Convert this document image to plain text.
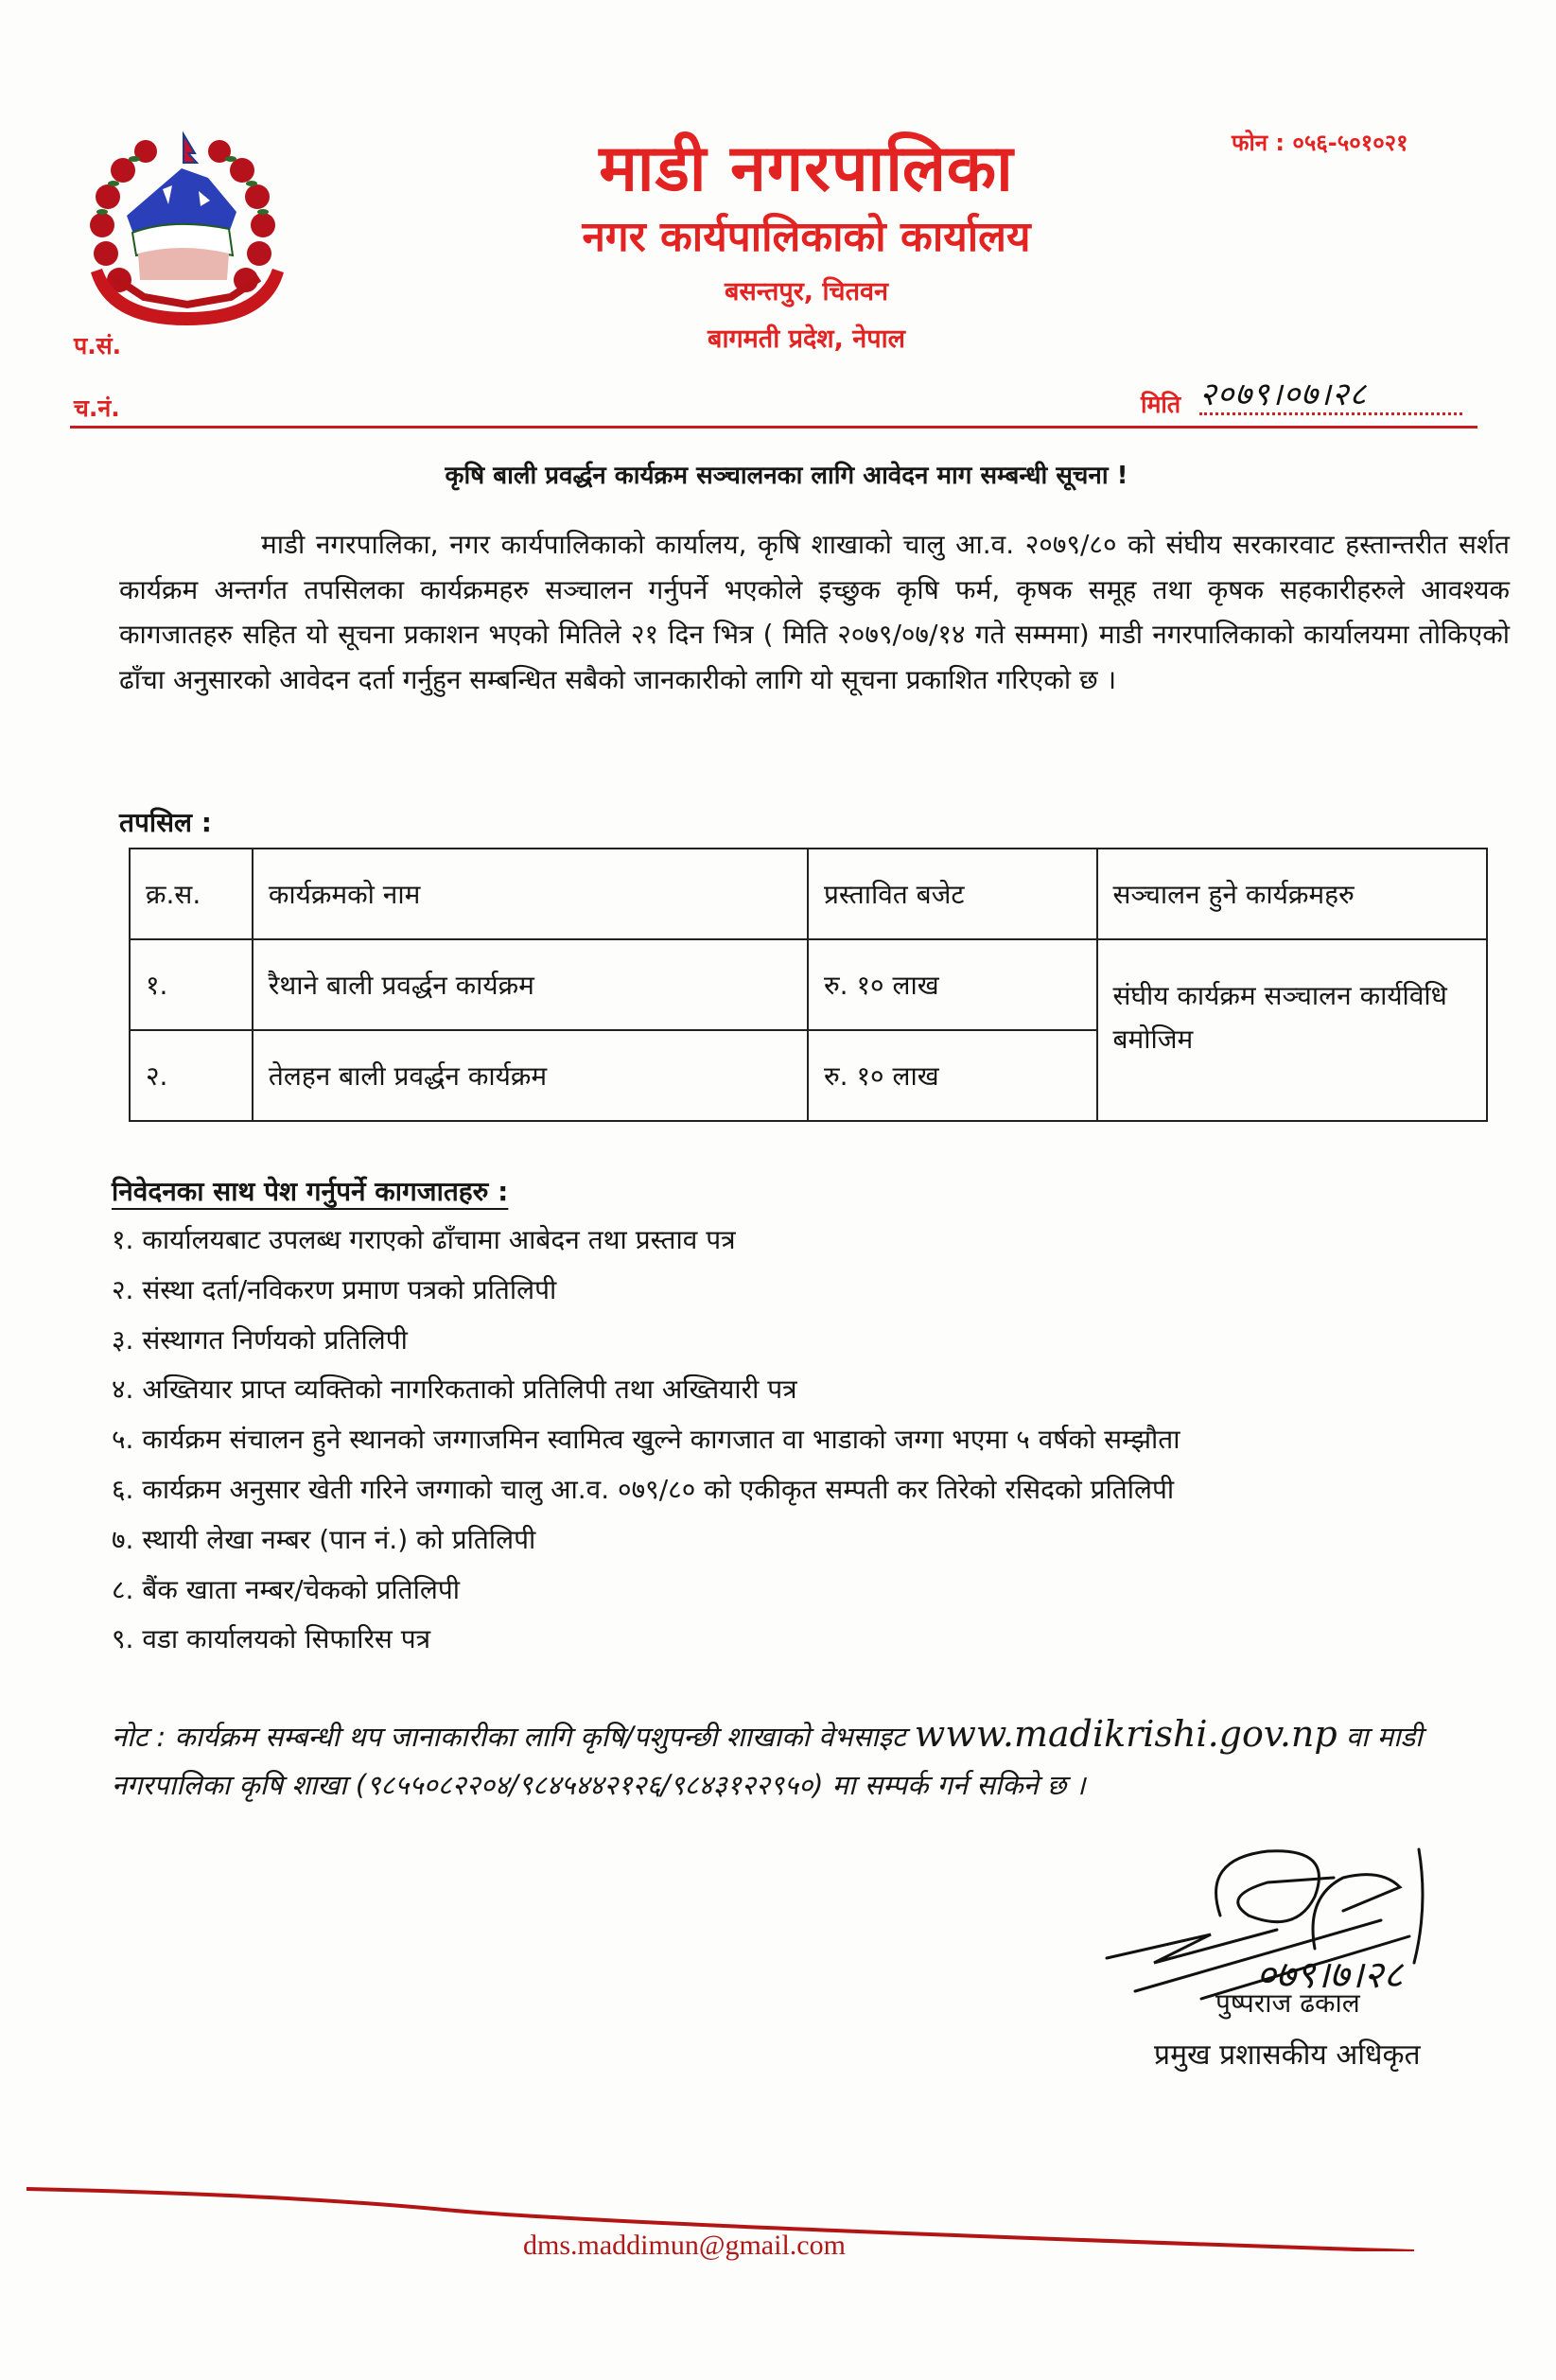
प.सं.
च.नं.
माडी नगरपालिका
नगर कार्यपालिकाको कार्यालय
बसन्तपुर, चितवन
बागमती प्रदेश, नेपाल
फोन : ०५६-५०१०२१
मिति २०७९।०७।२८
कृषि बाली प्रवर्द्धन कार्यक्रम सञ्चालनका लागि आवेदन माग सम्बन्धी सूचना !

माडी नगरपालिका, नगर कार्यपालिकाको कार्यालय, कृषि शाखाको चालु आ.व. २०७९/८० को संघीय सरकारवाट हस्तान्तरीत सर्शत कार्यक्रम अन्तर्गत तपसिलका कार्यक्रमहरु सञ्चालन गर्नुपर्ने भएकोले इच्छुक कृषि फर्म, कृषक समूह तथा कृषक सहकारीहरुले आवश्यक कागजातहरु सहित यो सूचना प्रकाशन भएको मितिले २१ दिन भित्र ( मिति २०७९/०७/१४ गते सम्ममा) माडी नगरपालिकाको कार्यालयमा तोकिएको ढाँचा अनुसारको आवेदन दर्ता गर्नुहुन सम्बन्धित सबैको जानकारीको लागि यो सूचना प्रकाशित गरिएको छ ।

तपसिल :
क्र.स.	कार्यक्रमको नाम	प्रस्तावित बजेट	सञ्चालन हुने कार्यक्रमहरु
१.	रैथाने बाली प्रवर्द्धन कार्यक्रम	रु. १० लाख	संघीय कार्यक्रम सञ्चालन कार्यविधि बमोजिम
२.	तेलहन बाली प्रवर्द्धन कार्यक्रम	रु. १० लाख	
निवेदनका साथ पेश गर्नुपर्ने कागजातहरु :
१. कार्यालयबाट उपलब्ध गराएको ढाँचामा आबेदन तथा प्रस्ताव पत्र
२. संस्था दर्ता/नविकरण प्रमाण पत्रको प्रतिलिपी
३. संस्थागत निर्णयको प्रतिलिपी
४. अख्तियार प्राप्त व्यक्तिको नागरिकताको प्रतिलिपी तथा अख्तियारी पत्र
५. कार्यक्रम संचालन हुने स्थानको जग्गाजमिन स्वामित्व खुल्ने कागजात वा भाडाको जग्गा भएमा ५ वर्षको सम्झौता
६. कार्यक्रम अनुसार खेती गरिने जग्गाको चालु आ.व. ०७९/८० को एकीकृत सम्पती कर तिरेको रसिदको प्रतिलिपी
७. स्थायी लेखा नम्बर (पान नं.) को प्रतिलिपी
८. बैंक खाता नम्बर/चेकको प्रतिलिपी
९. वडा कार्यालयको सिफारिस पत्र
नोट : कार्यक्रम सम्बन्धी थप जानाकारीका लागि कृषि/पशुपन्छी शाखाको वेभसाइट www.madikrishi.gov.np वा माडी नगरपालिका कृषि शाखा (९८५५०८२२०४/९८४५४४२१२६/९८४३१२२९५०) मा सम्पर्क गर्न सकिने छ ।
०७९।७।२८
पुष्पराज ढकाल
प्रमुख प्रशासकीय अधिकृत
dms.maddimun@gmail.com
